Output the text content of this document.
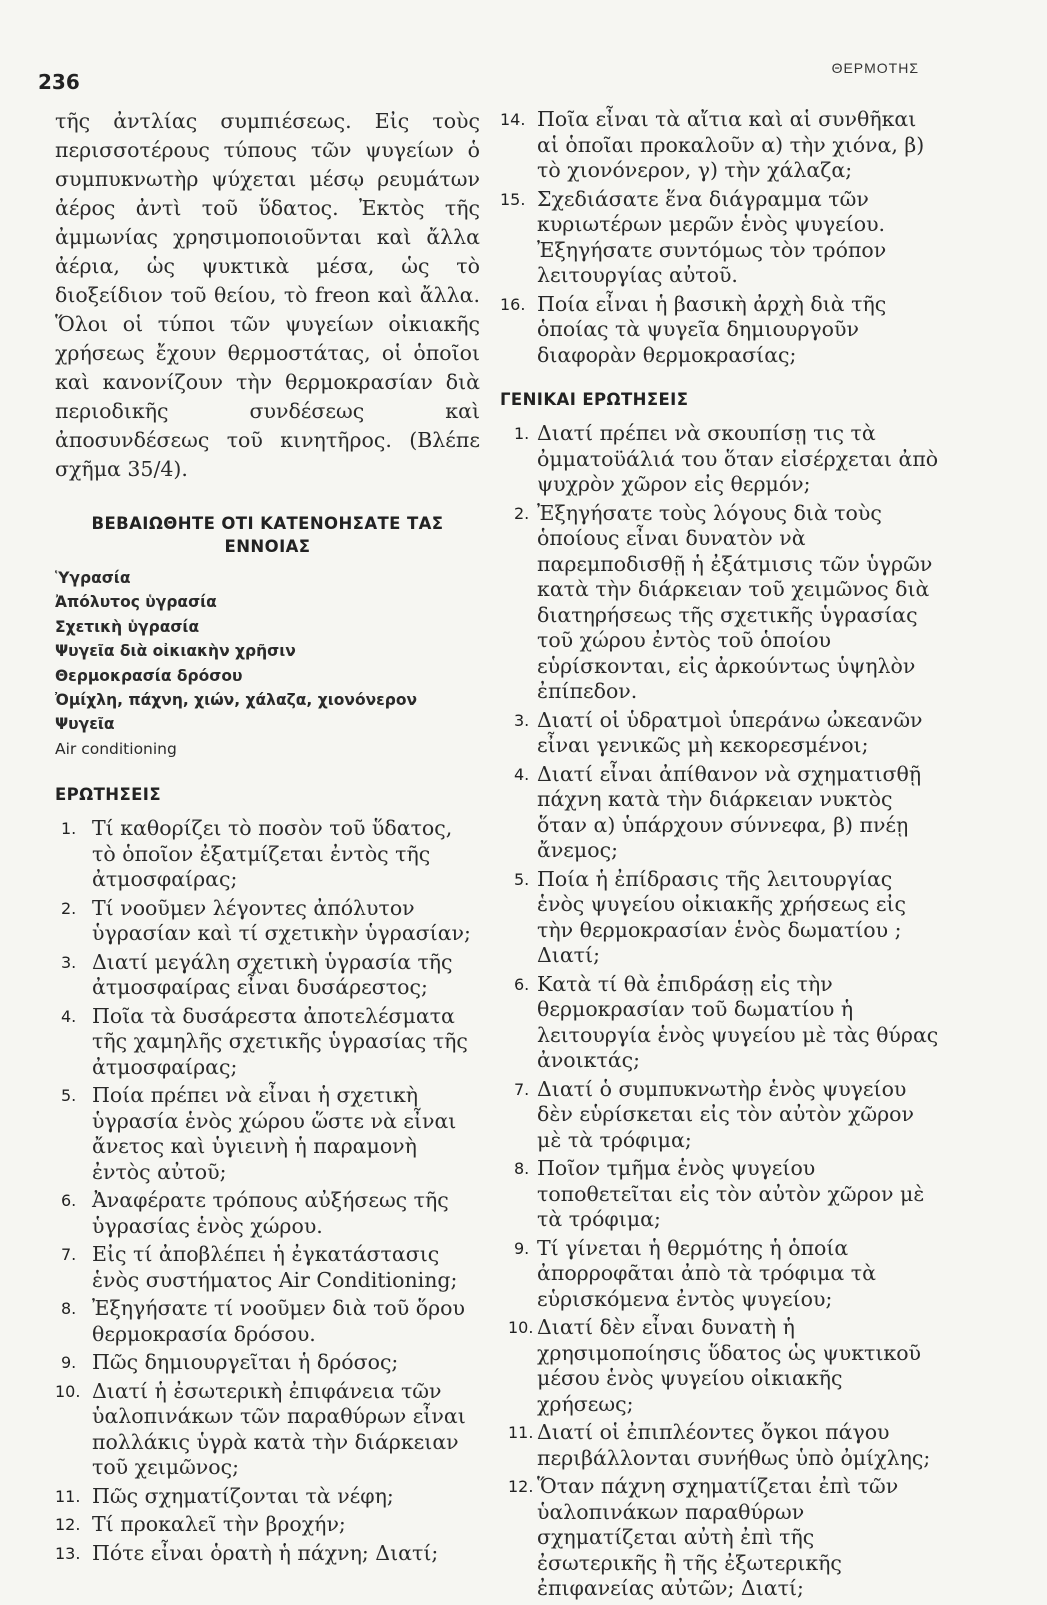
236
ΘΕΡΜΟΤΗΣ

τῆς ἀντλίας συμπιέσεως. Εἰς τοὺς περισσοτέρους τύπους τῶν ψυγείων ὁ συμπυκνωτὴρ ψύχεται μέσῳ ρευμάτων ἀέρος ἀντὶ τοῦ ὕδατος. Ἐκτὸς τῆς ἀμμωνίας χρησιμοποιοῦνται καὶ ἄλλα ἀέρια, ὡς ψυκτικὰ μέσα, ὡς τὸ διοξείδιον τοῦ θείου, τὸ freon καὶ ἄλλα. Ὅλοι οἱ τύποι τῶν ψυγείων οἰκιακῆς χρήσεως ἔχουν θερμοστάτας, οἱ ὁποῖοι καὶ κανονίζουν τὴν θερμοκρασίαν διὰ περιοδικῆς συνδέσεως καὶ ἀποσυνδέσεως τοῦ κινητῆρος. (Βλέπε σχῆμα 35/4).

ΒΕΒΑΙΩΘΗΤΕ ΟΤΙ ΚΑΤΕΝΟΗΣΑΤΕ ΤΑΣ ΕΝΝΟΙΑΣ
Ὑγρασία
Ἀπόλυτος ὑγρασία
Σχετικὴ ὑγρασία
Ψυγεῖα διὰ οἰκιακὴν χρῆσιν
Θερμοκρασία δρόσου
Ὀμίχλη, πάχνη, χιών, χάλαζα, χιονόνερον
Ψυγεῖα
Air conditioning
ΕΡΩΤΗΣΕΙΣ
1. Τί καθορίζει τὸ ποσὸν τοῦ ὕδατος, τὸ ὁποῖον ἐξατμίζεται ἐντὸς τῆς ἀτμοσφαίρας;
2. Τί νοοῦμεν λέγοντες ἀπόλυτον ὑγρασίαν καὶ τί σχετικὴν ὑγρασίαν;
3. Διατί μεγάλη σχετικὴ ὑγρασία τῆς ἀτμοσφαίρας εἶναι δυσάρεστος;
4. Ποῖα τὰ δυσάρεστα ἀποτελέσματα τῆς χαμηλῆς σχετικῆς ὑγρασίας τῆς ἀτμοσφαίρας;
5. Ποία πρέπει νὰ εἶναι ἡ σχετικὴ ὑγρασία ἑνὸς χώρου ὥστε νὰ εἶναι ἄνετος καὶ ὑγιεινὴ ἡ παραμονὴ ἐντὸς αὐτοῦ;
6. Ἀναφέρατε τρόπους αὐξήσεως τῆς ὑγρασίας ἑνὸς χώρου.
7. Εἰς τί ἀποβλέπει ἡ ἐγκατάστασις ἑνὸς συστήματος Air Conditioning;
8. Ἐξηγήσατε τί νοοῦμεν διὰ τοῦ ὅρου θερμοκρασία δρόσου.
9. Πῶς δημιουργεῖται ἡ δρόσος;
10. Διατί ἡ ἐσωτερικὴ ἐπιφάνεια τῶν ὑαλοπινάκων τῶν παραθύρων εἶναι πολλάκις ὑγρὰ κατὰ τὴν διάρκειαν τοῦ χειμῶνος;
11. Πῶς σχηματίζονται τὰ νέφη;
12. Τί προκαλεῖ τὴν βροχήν;
13. Πότε εἶναι ὁρατὴ ἡ πάχνη; Διατί;
14. Ποῖα εἶναι τὰ αἴτια καὶ αἱ συνθῆκαι αἱ ὁποῖαι προκαλοῦν α) τὴν χιόνα, β) τὸ χιονόνερον, γ) τὴν χάλαζα;
15. Σχεδιάσατε ἕνα διάγραμμα τῶν κυριωτέρων μερῶν ἑνὸς ψυγείου. Ἐξηγήσατε συντόμως τὸν τρόπον λειτουργίας αὐτοῦ.
16. Ποία εἶναι ἡ βασικὴ ἀρχὴ διὰ τῆς ὁποίας τὰ ψυγεῖα δημιουργοῦν διαφορὰν θερμοκρασίας;
ΓΕΝΙΚΑΙ ΕΡΩΤΗΣΕΙΣ
1. Διατί πρέπει νὰ σκουπίσῃ τις τὰ ὀμματοϋάλιά του ὅταν εἰσέρχεται ἀπὸ ψυχρὸν χῶρον εἰς θερμόν;
2. Ἐξηγήσατε τοὺς λόγους διὰ τοὺς ὁποίους εἶναι δυνατὸν νὰ παρεμποδισθῇ ἡ ἐξάτμισις τῶν ὑγρῶν κατὰ τὴν διάρκειαν τοῦ χειμῶνος διὰ διατηρήσεως τῆς σχετικῆς ὑγρασίας τοῦ χώρου ἐντὸς τοῦ ὁποίου εὑρίσκονται, εἰς ἀρκούντως ὑψηλὸν ἐπίπεδον.
3. Διατί οἱ ὑδρατμοὶ ὑπεράνω ὠκεανῶν εἶναι γενικῶς μὴ κεκορεσμένοι;
4. Διατί εἶναι ἀπίθανον νὰ σχηματισθῇ πάχνη κατὰ τὴν διάρκειαν νυκτὸς ὅταν α) ὑπάρχουν σύννεφα, β) πνέῃ ἄνεμος;
5. Ποία ἡ ἐπίδρασις τῆς λειτουργίας ἑνὸς ψυγείου οἰκιακῆς χρήσεως εἰς τὴν θερμοκρασίαν ἑνὸς δωματίου ; Διατί;
6. Κατὰ τί θὰ ἐπιδράσῃ εἰς τὴν θερμοκρασίαν τοῦ δωματίου ἡ λειτουργία ἑνὸς ψυγείου μὲ τὰς θύρας ἀνοικτάς;
7. Διατί ὁ συμπυκνωτὴρ ἑνὸς ψυγείου δὲν εὑρίσκεται εἰς τὸν αὐτὸν χῶρον μὲ τὰ τρόφιμα;
8. Ποῖον τμῆμα ἑνὸς ψυγείου τοποθετεῖται εἰς τὸν αὐτὸν χῶρον μὲ τὰ τρόφιμα;
9. Τί γίνεται ἡ θερμότης ἡ ὁποία ἀπορροφᾶται ἀπὸ τὰ τρόφιμα τὰ εὑρισκόμενα ἐντὸς ψυγείου;
10. Διατί δὲν εἶναι δυνατὴ ἡ χρησιμοποίησις ὕδατος ὡς ψυκτικοῦ μέσου ἑνὸς ψυγείου οἰκιακῆς χρήσεως;
11. Διατί οἱ ἐπιπλέοντες ὄγκοι πάγου περιβάλλονται συνήθως ὑπὸ ὀμίχλης;
12. Ὅταν πάχνη σχηματίζεται ἐπὶ τῶν ὑαλοπινάκων παραθύρων σχηματίζεται αὐτὴ ἐπὶ τῆς ἐσωτερικῆς ἢ τῆς ἐξωτερικῆς ἐπιφανείας αὐτῶν; Διατί;
